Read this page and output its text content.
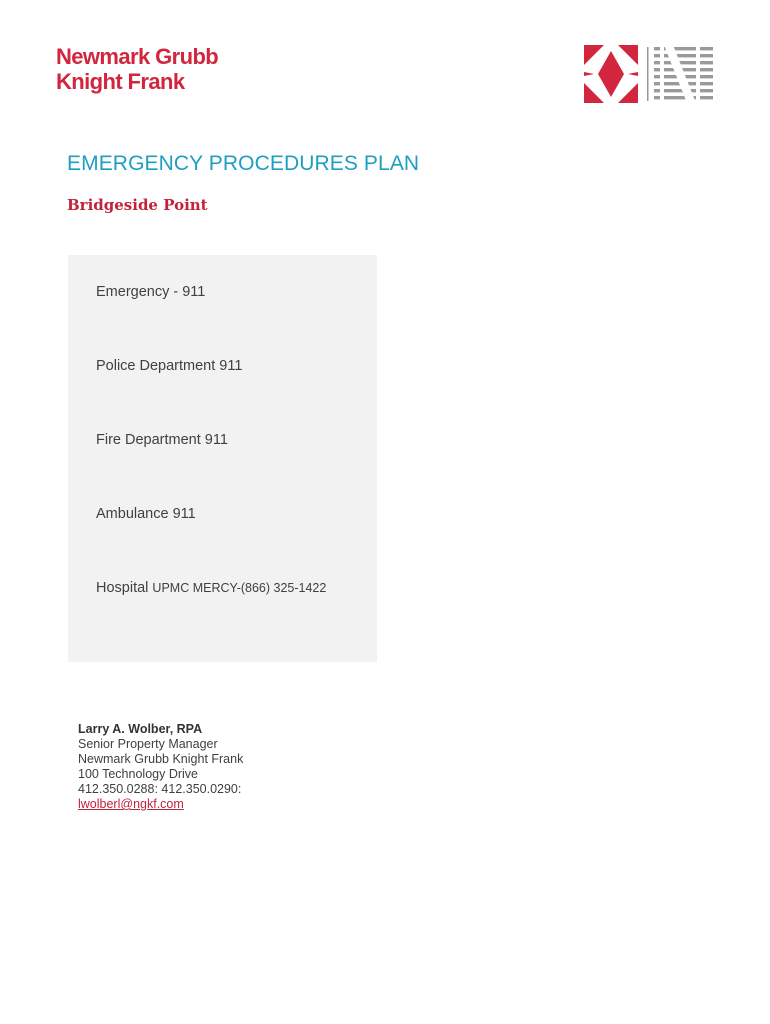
Newmark Grubb
Knight Frank
EMERGENCY PROCEDURES PLAN
Bridgeside Point
Emergency - 911
Police Department 911
Fire Department 911
Ambulance 911
Hospital UPMC MERCY-(866) 325-1422
Larry A. Wolber, RPA
Senior Property Manager
Newmark Grubb Knight Frank
100 Technology Drive
412.350.0288: 412.350.0290:
lwolberl@ngkf.com
